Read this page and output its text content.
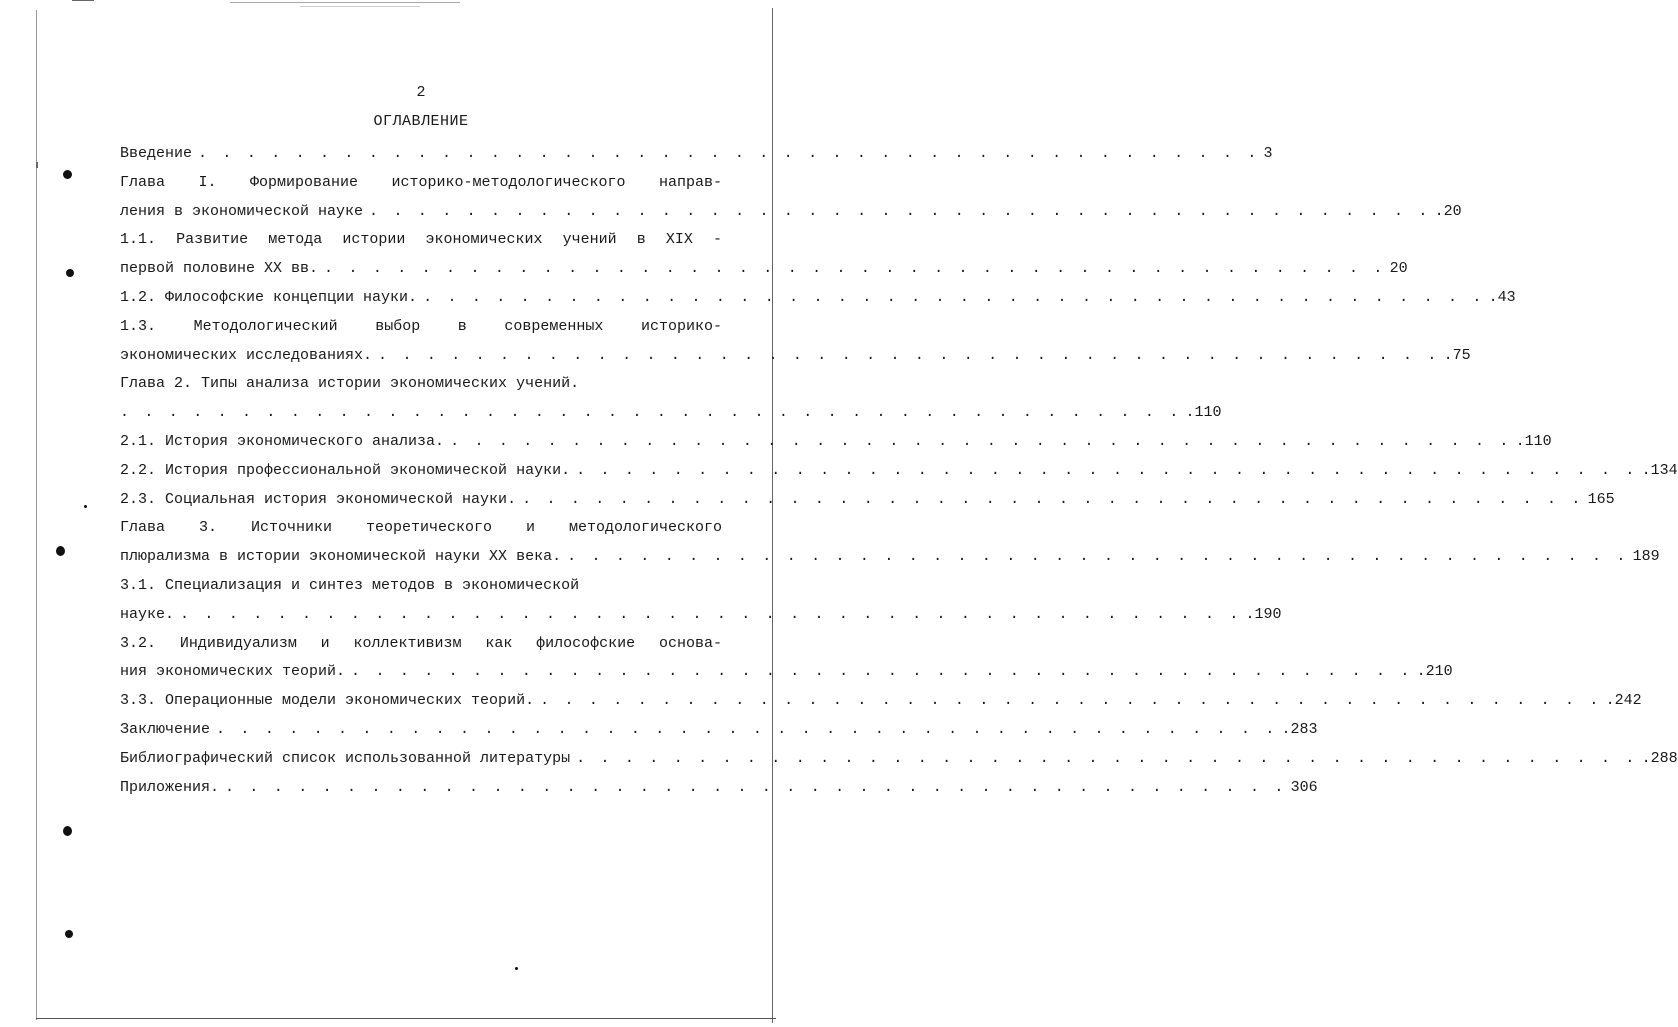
2
ОГЛАВЛЕНИЕ
Введение . . . . . . . . . . . . . . . . . . . . . . . . . . . . . . . . . . . . . . . . . . . . 3
Глава I. Формирование историко-методологического направ-
ления в экономической науке . . . . . . . . . . . . . . . . . . . . . . . . . . . . . . . . . . . . . . . . . . . . .20
1.1. Развитие метода истории экономических учений в XIX -
первой половине XX вв. . . . . . . . . . . . . . . . . . . . . . . . . . . . . . . . . . . . . . . . . . . . . 20
1.2. Философские концепции науки. . . . . . . . . . . . . . . . . . . . . . . . . . . . . . . . . . . . . . . . . . . . . .43
1.3. Методологический выбор в современных историко-
экономических исследованиях. . . . . . . . . . . . . . . . . . . . . . . . . . . . . . . . . . . . . . . . . . . . . .75
Глава 2. Типы анализа истории экономических учений.
. . . . . . . . . . . . . . . . . . . . . . . . . . . . . . . . . . . . . . . . . . . . .110
2.1. История экономического анализа. . . . . . . . . . . . . . . . . . . . . . . . . . . . . . . . . . . . . . . . . . . . . .110
2.2. История профессиональной экономической науки. . . . . . . . . . . . . . . . . . . . . . . . . . . . . . . . . . . . . . . . . . . . . .134
2.3. Социальная история экономической науки. . . . . . . . . . . . . . . . . . . . . . . . . . . . . . . . . . . . . . . . . . . . . 165
Глава 3. Источники теоретического и методологического
плюрализма в истории экономической науки XX века. . . . . . . . . . . . . . . . . . . . . . . . . . . . . . . . . . . . . . . . . . . . . 189
3.1. Специализация и синтез методов в экономической
науке. . . . . . . . . . . . . . . . . . . . . . . . . . . . . . . . . . . . . . . . . . . . . .190
3.2. Индивидуализм и коллективизм как философские основа-
ния экономических теорий. . . . . . . . . . . . . . . . . . . . . . . . . . . . . . . . . . . . . . . . . . . . . .210
3.3. Операционные модели экономических теорий. . . . . . . . . . . . . . . . . . . . . . . . . . . . . . . . . . . . . . . . . . . . . .242
Заключение . . . . . . . . . . . . . . . . . . . . . . . . . . . . . . . . . . . . . . . . . . . . .283
Библиографический список использованной литературы . . . . . . . . . . . . . . . . . . . . . . . . . . . . . . . . . . . . . . . . . . . . .288
Приложения. . . . . . . . . . . . . . . . . . . . . . . . . . . . . . . . . . . . . . . . . . . . . 306
